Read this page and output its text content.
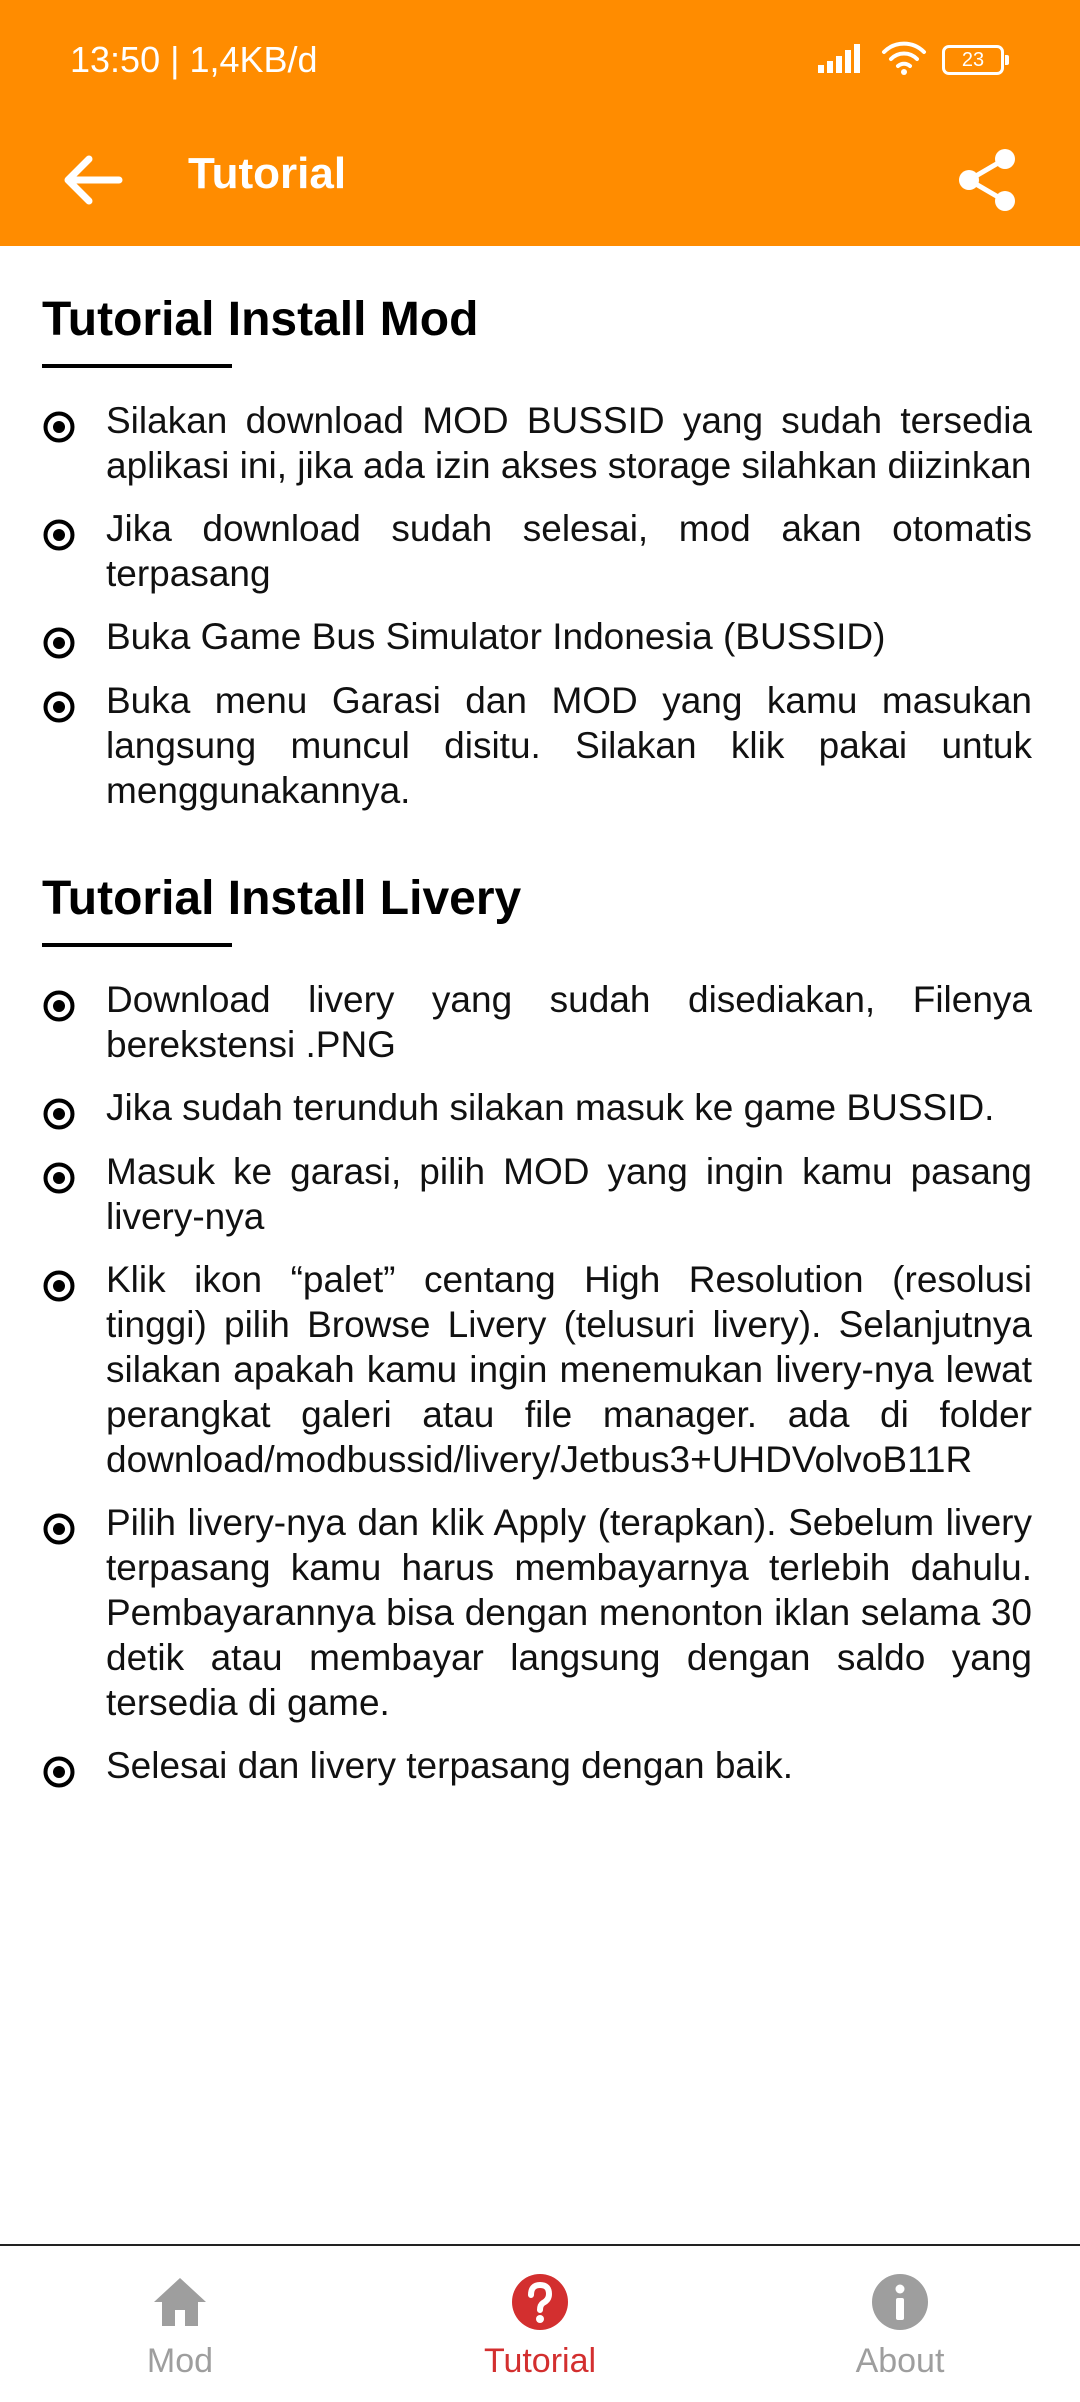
13:50 | 1,4KB/d	23
Tutorial
Tutorial Install Mod
Silakan download MOD BUSSID yang sudah tersedia aplikasi ini, jika ada izin akses storage silahkan diizinkan
Jika download sudah selesai, mod akan otomatis terpasang
Buka Game Bus Simulator Indonesia (BUSSID)
Buka menu Garasi dan MOD yang kamu masukan langsung muncul disitu. Silakan klik pakai untuk menggunakannya.
Tutorial Install Livery
Download livery yang sudah disediakan, Filenya berekstensi .PNG
Jika sudah terunduh silakan masuk ke game BUSSID.
Masuk ke garasi, pilih MOD yang ingin kamu pasang livery-nya
Klik ikon “palet” centang High Resolution (resolusi tinggi) pilih Browse Livery (telusuri livery). Selanjutnya silakan apakah kamu ingin menemukan livery-nya lewat perangkat galeri atau file manager. ada di folder download/modbussid/livery/Jetbus3+UHDVolvoB11R
Pilih livery-nya dan klik Apply (terapkan). Sebelum livery terpasang kamu harus membayarnya terlebih dahulu. Pembayarannya bisa dengan menonton iklan selama 30 detik atau membayar langsung dengan saldo yang tersedia di game.
Selesai dan livery terpasang dengan baik.
Mod	Tutorial	About
